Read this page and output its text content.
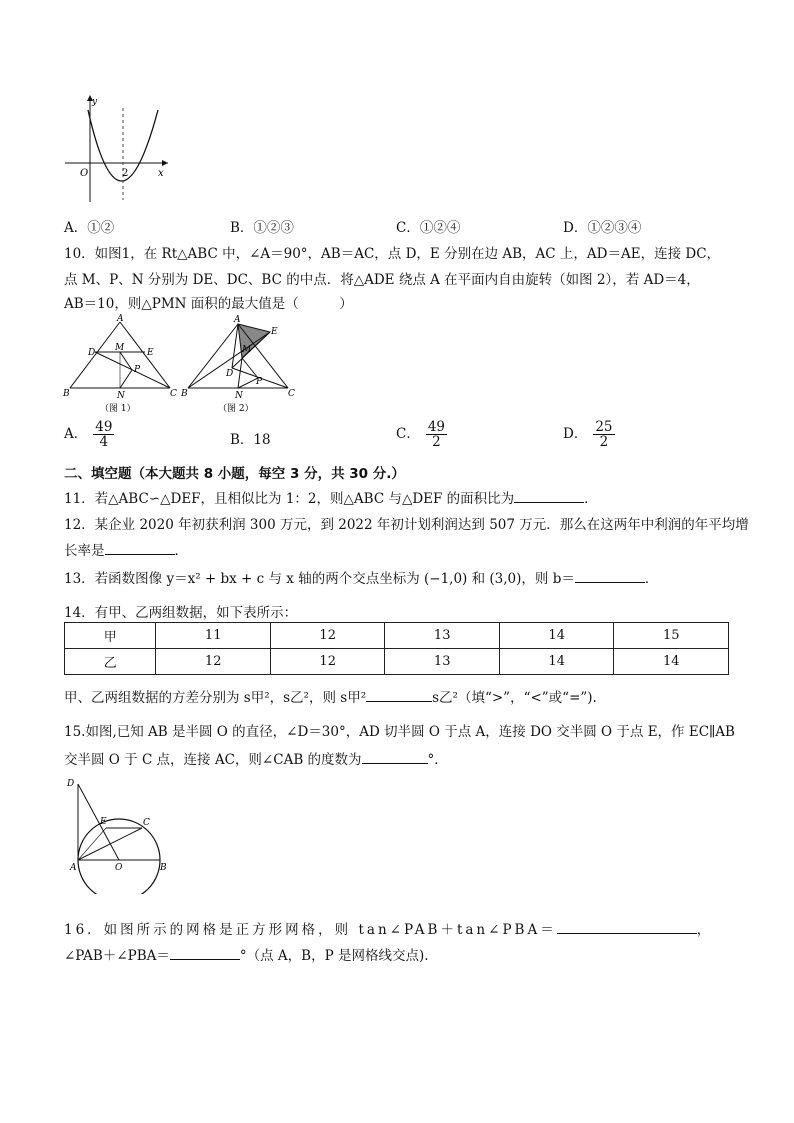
y
x
O	2
A．①②	B．①②③	C．①②④	D．①②③④
10．如图1，在 Rt△ABC 中，∠A＝90°，AB＝AC，点 D，E 分别在边 AB，AC 上，AD＝AE，连接 DC，
点 M、P、N 分别为 DE、DC、BC 的中点．将△ADE 绕点 A 在平面内自由旋转（如图 2），若 AD＝4，
AB＝10，则△PMN 面积的最大值是（　　　）
A
D M	E
P
B	N	C
（图 1）
A
E
M
D
P
B	N	C
（图 2）
A． $\frac{49}{4}$	B．18	C． $\frac{49}{2}$	D． $\frac{25}{2}$
二、填空题（本大题共 8 小题，每空 3 分，共 30 分.）
11．若△ABC∽△DEF，且相似比为 1：2，则△ABC 与△DEF 的面积比为	．
12．某企业 2020 年初获利润 300 万元，到 2022 年初计划利润达到 507 万元．那么在这两年中利润的年平均增
长率是	．
13．若函数图像 y＝x² + bx + c 与 x 轴的两个交点坐标为 (−1,0) 和 (3,0)，则 b＝	．
14．有甲、乙两组数据，如下表所示：
甲	11	12	13	14	15
乙	12	12	13	14	14
甲、乙两组数据的方差分别为 s甲²，s乙²，则 s甲²	s乙²（填“>”，“<”或“=”).
15.如图,已知 AB 是半圆 O 的直径，∠D＝30°，AD 切半圆 O 于点 A，连接 DO 交半圆 O 于点 E，作 EC∥AB
交半圆 O 于 C 点，连接 AC，则∠CAB 的度数为	°．
D
E	C
A	O	B
16．如图所示的网格是正方形网格，则 tan∠PAB＋tan∠PBA＝	，
∠PAB＋∠PBA＝	°（点 A，B，P 是网格线交点).
